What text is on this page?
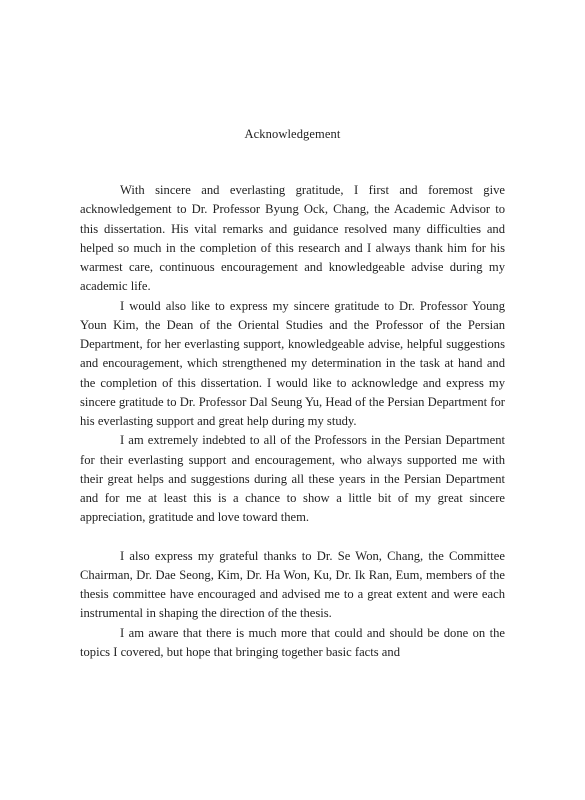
Acknowledgement

With sincere and everlasting gratitude, I first and foremost give acknowledgement to Dr. Professor Byung Ock, Chang, the Academic Advisor to this dissertation. His vital remarks and guidance resolved many difficulties and helped so much in the completion of this research and I always thank him for his warmest care, continuous encouragement and knowledgeable advise during my academic life.

I would also like to express my sincere gratitude to Dr. Professor Young Youn Kim, the Dean of the Oriental Studies and the Professor of the Persian Department, for her everlasting support, knowledgeable advise, helpful suggestions and encouragement, which strengthened my determination in the task at hand and the completion of this dissertation. I would like to acknowledge and express my sincere gratitude to Dr. Professor Dal Seung Yu, Head of the Persian Department for his everlasting support and great help during my study.

I am extremely indebted to all of the Professors in the Persian Department for their everlasting support and encouragement, who always supported me with their great helps and suggestions during all these years in the Persian Department and for me at least this is a chance to show a little bit of my great sincere appreciation, gratitude and love toward them.

I also express my grateful thanks to Dr. Se Won, Chang, the Committee Chairman, Dr. Dae Seong, Kim, Dr. Ha Won, Ku, Dr. Ik Ran, Eum, members of the thesis committee have encouraged and advised me to a great extent and were each instrumental in shaping the direction of the thesis.

I am aware that there is much more that could and should be done on the topics I covered, but hope that bringing together basic facts and
